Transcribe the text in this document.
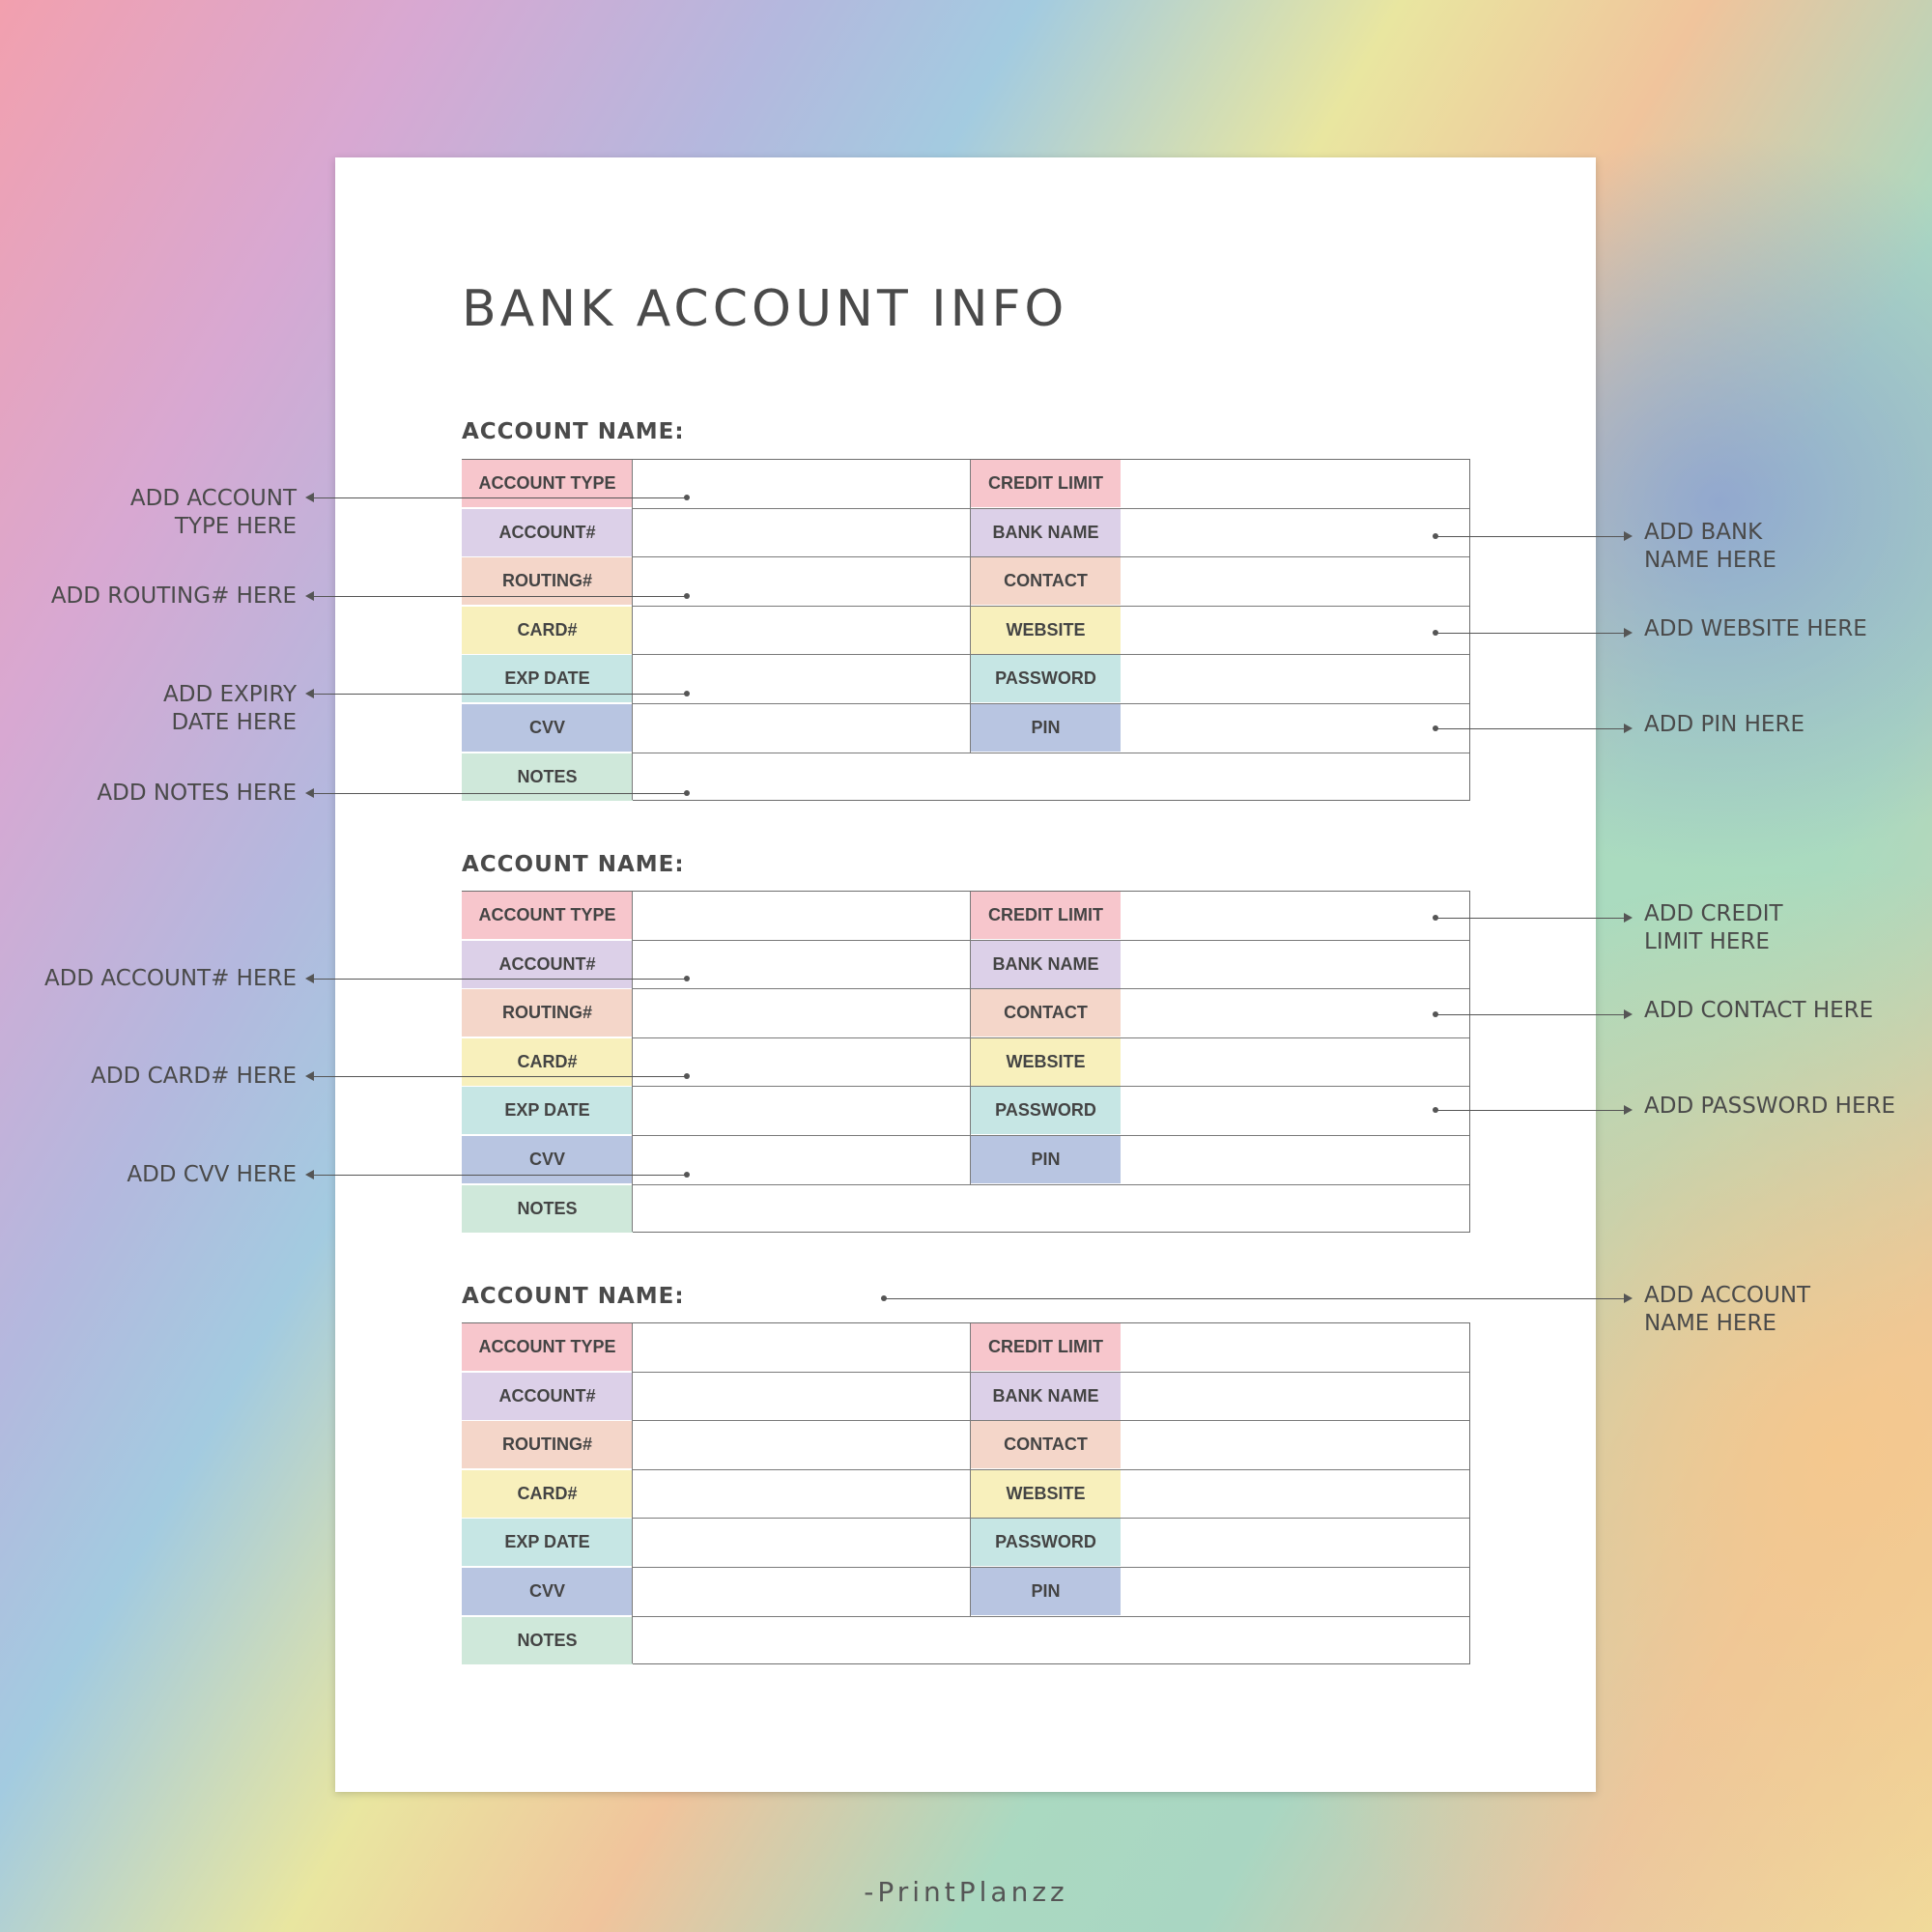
BANK ACCOUNT INFO
ACCOUNT NAME:
ACCOUNT TYPE
ACCOUNT#
ROUTING#
CARD#
EXP DATE
CVV
NOTES
CREDIT LIMIT
BANK NAME
CONTACT
WEBSITE
PASSWORD
PIN
ACCOUNT NAME:
ACCOUNT TYPE
ACCOUNT#
ROUTING#
CARD#
EXP DATE
CVV
NOTES
CREDIT LIMIT
BANK NAME
CONTACT
WEBSITE
PASSWORD
PIN
ACCOUNT NAME:
ACCOUNT TYPE
ACCOUNT#
ROUTING#
CARD#
EXP DATE
CVV
NOTES
CREDIT LIMIT
BANK NAME
CONTACT
WEBSITE
PASSWORD
PIN
ADD ACCOUNT
TYPE HERE
ADD ROUTING# HERE
ADD EXPIRY
DATE HERE
ADD NOTES HERE
ADD ACCOUNT# HERE
ADD CARD# HERE
ADD CVV HERE
ADD BANK
NAME HERE
ADD WEBSITE HERE
ADD PIN HERE
ADD CREDIT
LIMIT HERE
ADD CONTACT HERE
ADD PASSWORD HERE
ADD ACCOUNT
NAME HERE
-PrintPlanzz
